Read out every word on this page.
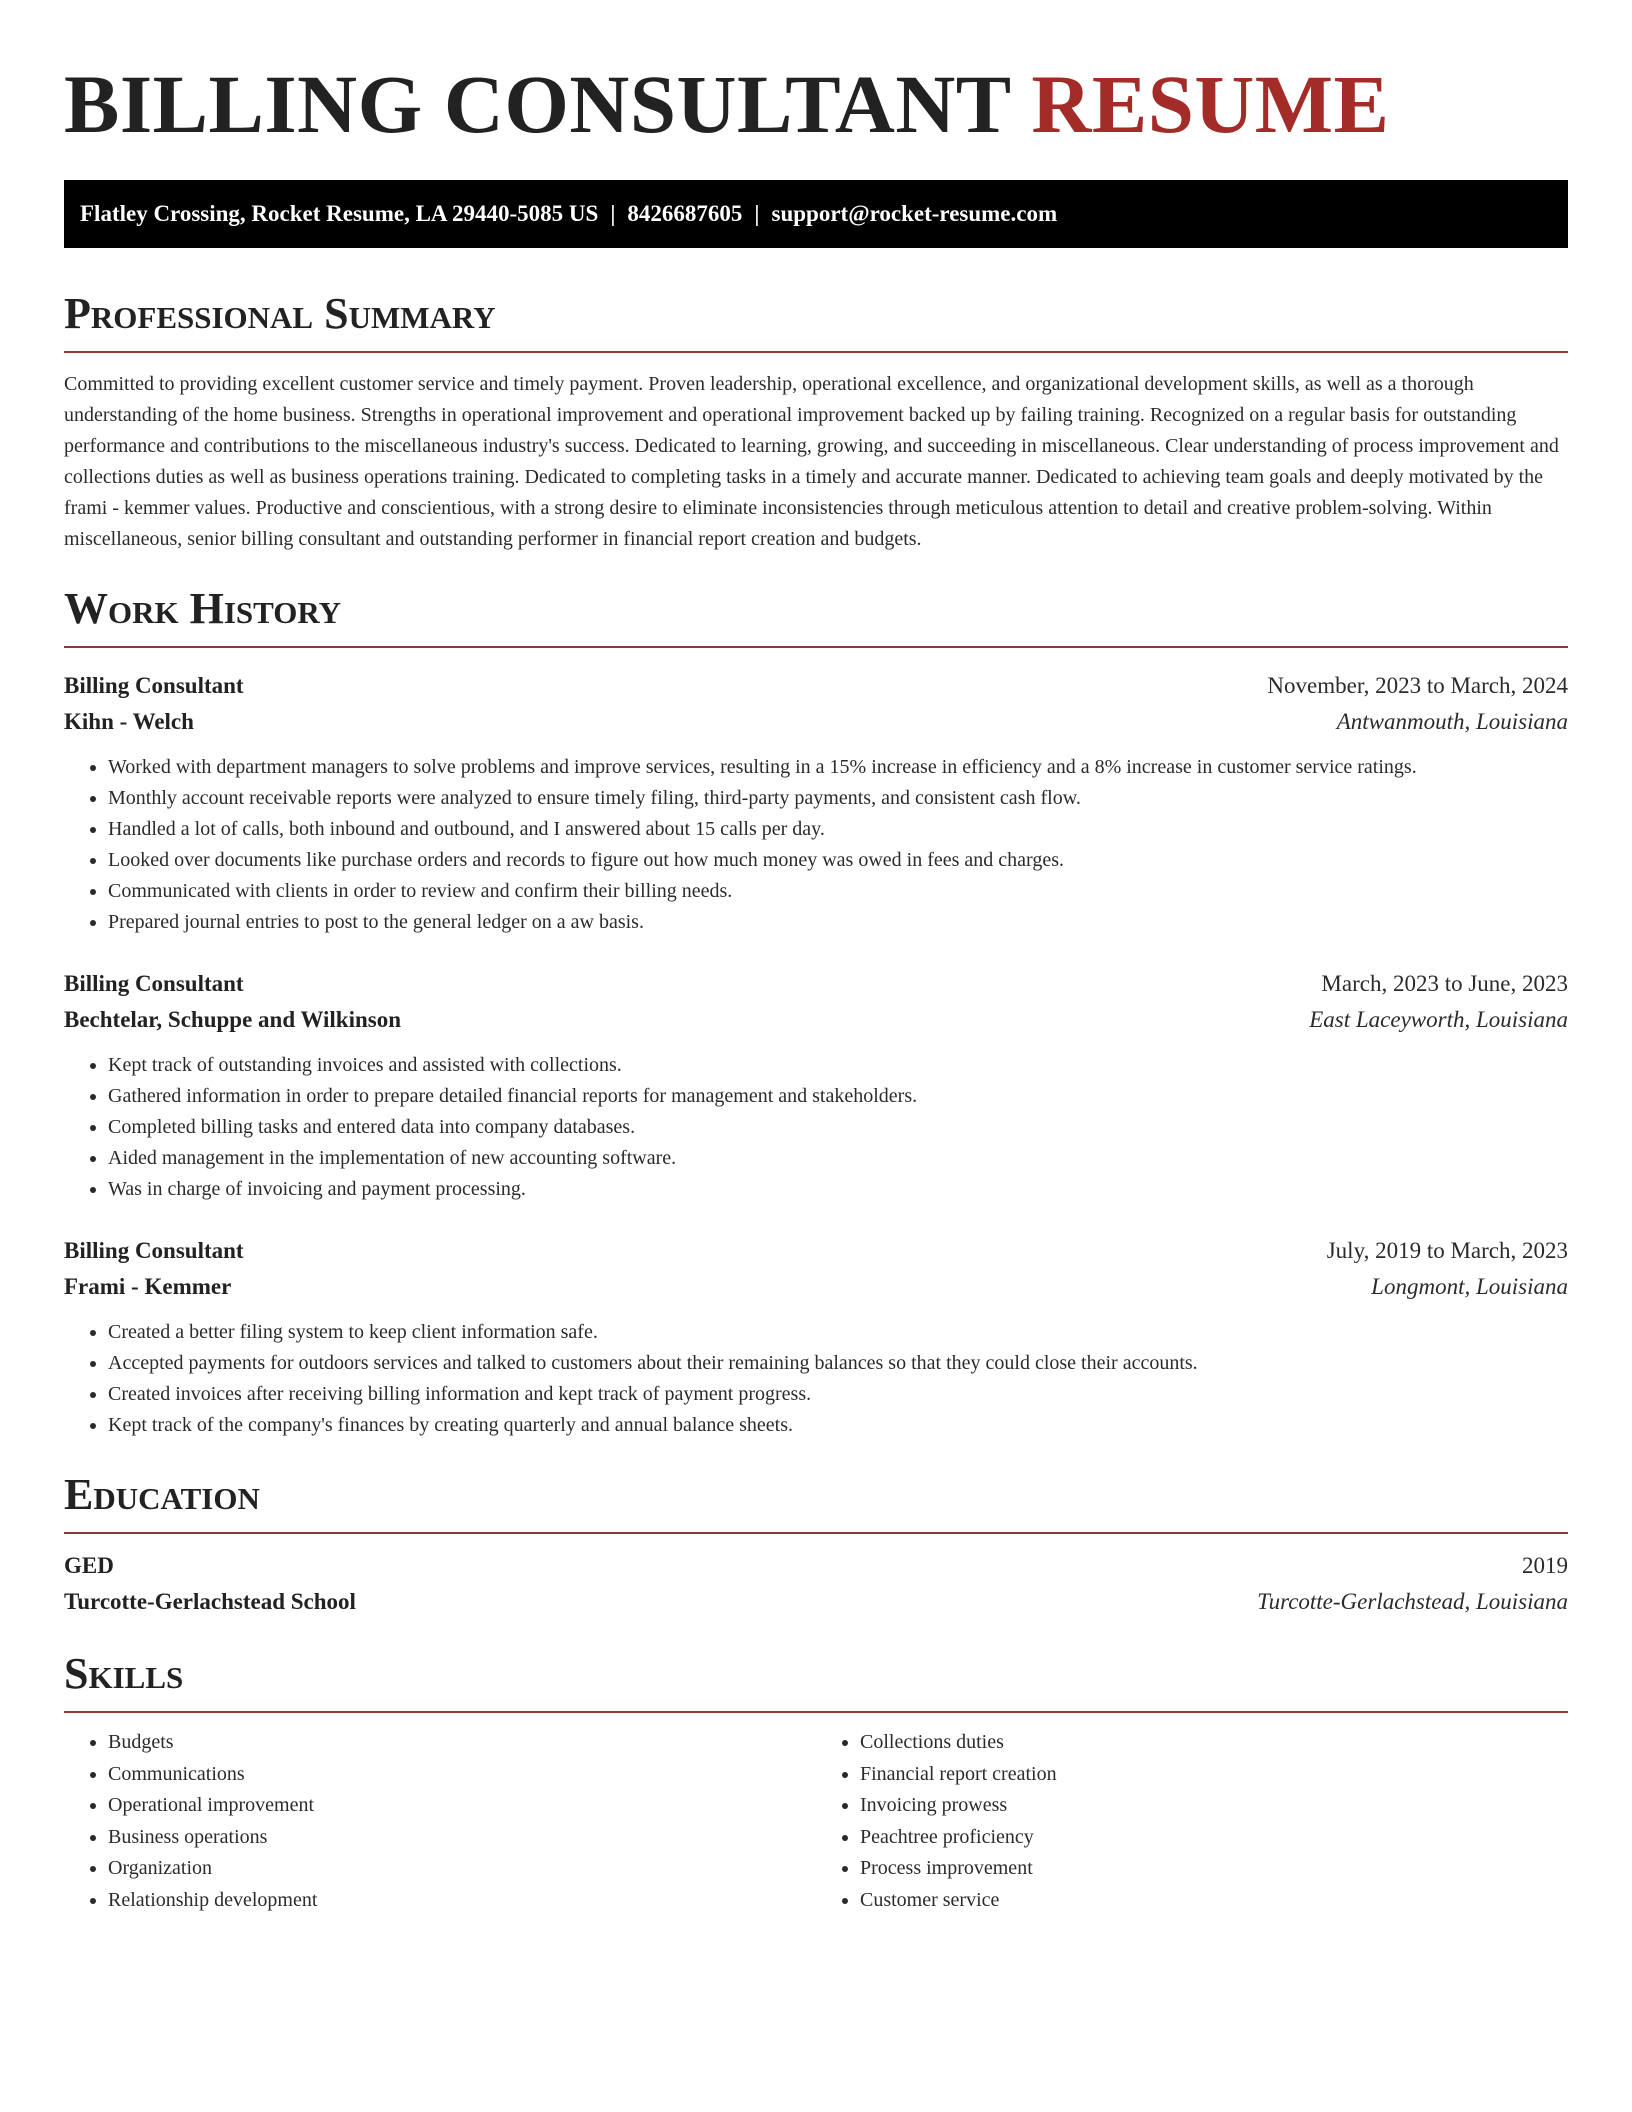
BILLING CONSULTANT RESUME
Flatley Crossing, Rocket Resume, LA 29440-5085 US | 8426687605 | support@rocket-resume.com
Professional Summary

Committed to providing excellent customer service and timely payment. Proven leadership, operational excellence, and organizational development skills, as well as a thorough understanding of the home business. Strengths in operational improvement and operational improvement backed up by failing training. Recognized on a regular basis for outstanding performance and contributions to the miscellaneous industry's success. Dedicated to learning, growing, and succeeding in miscellaneous. Clear understanding of process improvement and collections duties as well as business operations training. Dedicated to completing tasks in a timely and accurate manner. Dedicated to achieving team goals and deeply motivated by the frami - kemmer values. Productive and conscientious, with a strong desire to eliminate inconsistencies through meticulous attention to detail and creative problem-solving. Within miscellaneous, senior billing consultant and outstanding performer in financial report creation and budgets.

Work History
Billing Consultant	November, 2023 to March, 2024
Kihn - Welch	Antwanmouth, Louisiana
• Worked with department managers to solve problems and improve services, resulting in a 15% increase in efficiency and a 8% increase in customer service ratings.
• Monthly account receivable reports were analyzed to ensure timely filing, third-party payments, and consistent cash flow.
• Handled a lot of calls, both inbound and outbound, and I answered about 15 calls per day.
• Looked over documents like purchase orders and records to figure out how much money was owed in fees and charges.
• Communicated with clients in order to review and confirm their billing needs.
• Prepared journal entries to post to the general ledger on a aw basis.
Billing Consultant	March, 2023 to June, 2023
Bechtelar, Schuppe and Wilkinson	East Laceyworth, Louisiana
• Kept track of outstanding invoices and assisted with collections.
• Gathered information in order to prepare detailed financial reports for management and stakeholders.
• Completed billing tasks and entered data into company databases.
• Aided management in the implementation of new accounting software.
• Was in charge of invoicing and payment processing.
Billing Consultant	July, 2019 to March, 2023
Frami - Kemmer	Longmont, Louisiana
• Created a better filing system to keep client information safe.
• Accepted payments for outdoors services and talked to customers about their remaining balances so that they could close their accounts.
• Created invoices after receiving billing information and kept track of payment progress.
• Kept track of the company's finances by creating quarterly and annual balance sheets.
Education
GED	2019
Turcotte-Gerlachstead School	Turcotte-Gerlachstead, Louisiana
Skills
• Budgets
• Communications
• Operational improvement
• Business operations
• Organization
• Relationship development
• Collections duties
• Financial report creation
• Invoicing prowess
• Peachtree proficiency
• Process improvement
• Customer service
